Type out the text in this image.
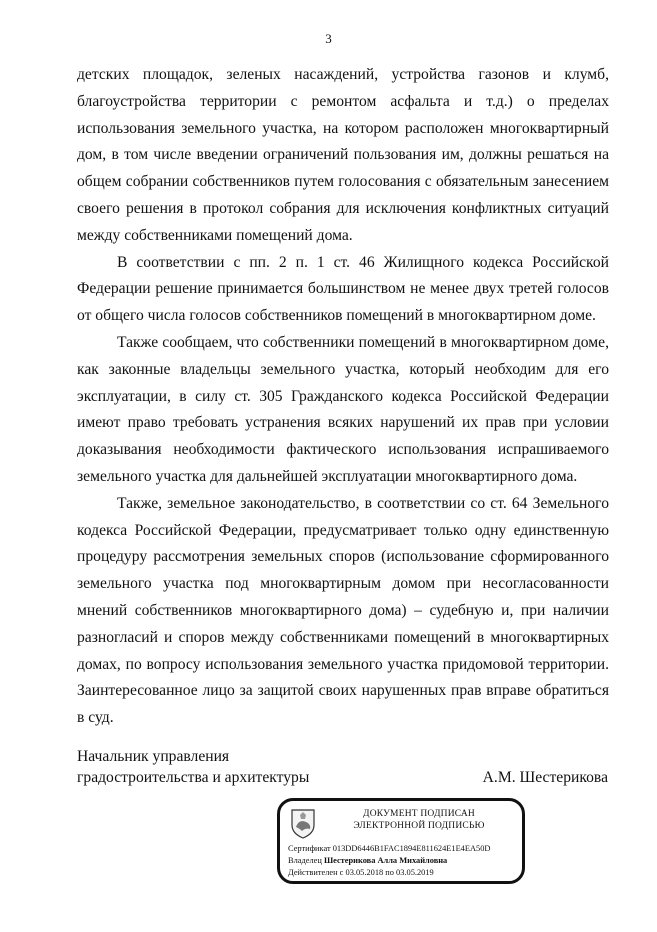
3

детских площадок, зеленых насаждений, устройства газонов и клумб, благоустройства территории с ремонтом асфальта и т.д.) о пределах использования земельного участка, на котором расположен многоквартирный дом, в том числе введении ограничений пользования им, должны решаться на общем собрании собственников путем голосования с обязательным занесением своего решения в протокол собрания для исключения конфликтных ситуаций между собственниками помещений дома.

В соответствии с пп. 2 п. 1 ст. 46 Жилищного кодекса Российской Федерации решение принимается большинством не менее двух третей голосов от общего числа голосов собственников помещений в многоквартирном доме.

Также сообщаем, что собственники помещений в многоквартирном доме, как законные владельцы земельного участка, который необходим для его эксплуатации, в силу ст. 305 Гражданского кодекса Российской Федерации имеют право требовать устранения всяких нарушений их прав при условии доказывания необходимости фактического использования испрашиваемого земельного участка для дальнейшей эксплуатации многоквартирного дома.

Также, земельное законодательство, в соответствии со ст. 64 Земельного кодекса Российской Федерации, предусматривает только одну единственную процедуру рассмотрения земельных споров (использование сформированного земельного участка под многоквартирным домом при несогласованности мнений собственников многоквартирного дома) – судебную и, при наличии разногласий и споров между собственниками помещений в многоквартирных домах, по вопросу использования земельного участка придомовой территории. Заинтересованное лицо за защитой своих нарушенных прав вправе обратиться в суд.

Начальник управления
градостроительства и архитектуры	А.М. Шестерикова
ДОКУМЕНТ ПОДПИСАН
ЭЛЕКТРОННОЙ ПОДПИСЬЮ
Сертификат 013DD6446B1FAC1894E811624E1E4EA50D
Владелец Шестерикова Алла Михайловна
Действителен с 03.05.2018 по 03.05.2019
